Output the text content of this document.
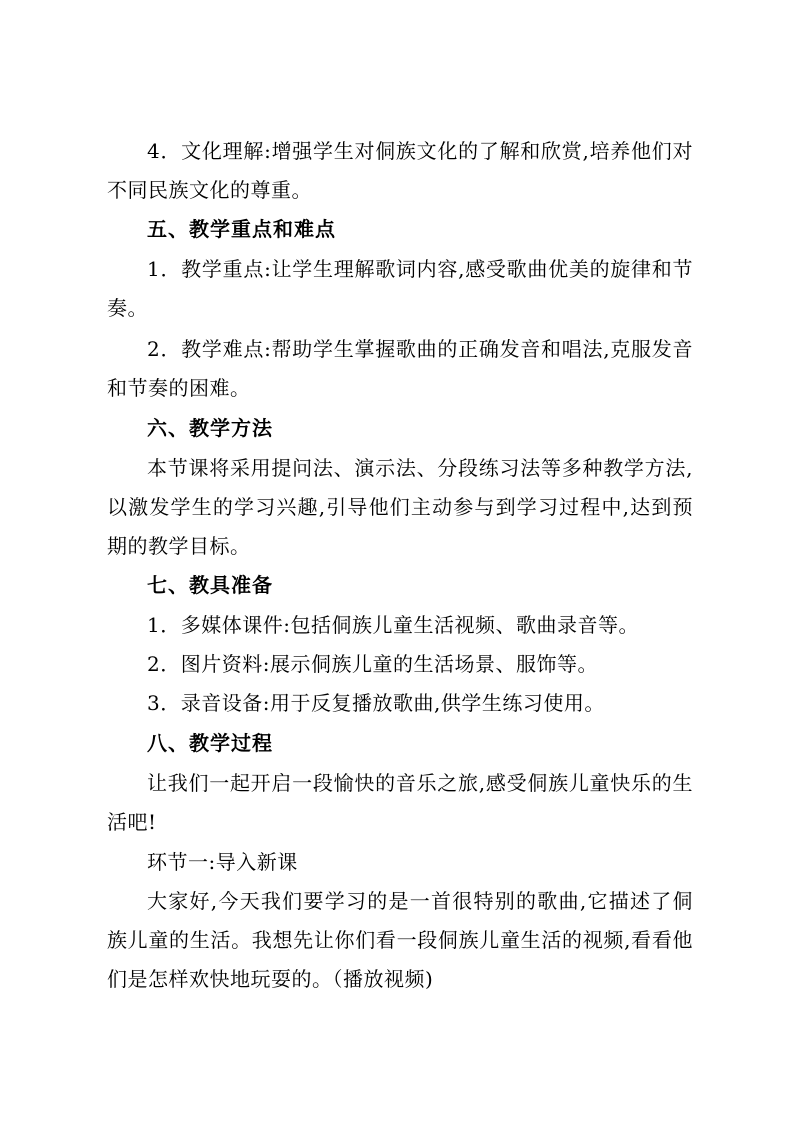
4．文化理解:增强学生对侗族文化的了解和欣赏,培养他们对不同民族文化的尊重。

五、教学重点和难点

1．教学重点:让学生理解歌词内容,感受歌曲优美的旋律和节奏。

2．教学难点:帮助学生掌握歌曲的正确发音和唱法,克服发音和节奏的困难。

六、教学方法

本节课将采用提问法、演示法、分段练习法等多种教学方法,以激发学生的学习兴趣,引导他们主动参与到学习过程中,达到预期的教学目标。

七、教具准备

1．多媒体课件:包括侗族儿童生活视频、歌曲录音等。

2．图片资料:展示侗族儿童的生活场景、服饰等。

3．录音设备:用于反复播放歌曲,供学生练习使用。

八、教学过程

让我们一起开启一段愉快的音乐之旅,感受侗族儿童快乐的生活吧!

环节一:导入新课

大家好,今天我们要学习的是一首很特别的歌曲,它描述了侗族儿童的生活。我想先让你们看一段侗族儿童生活的视频,看看他们是怎样欢快地玩耍的。（播放视频)
